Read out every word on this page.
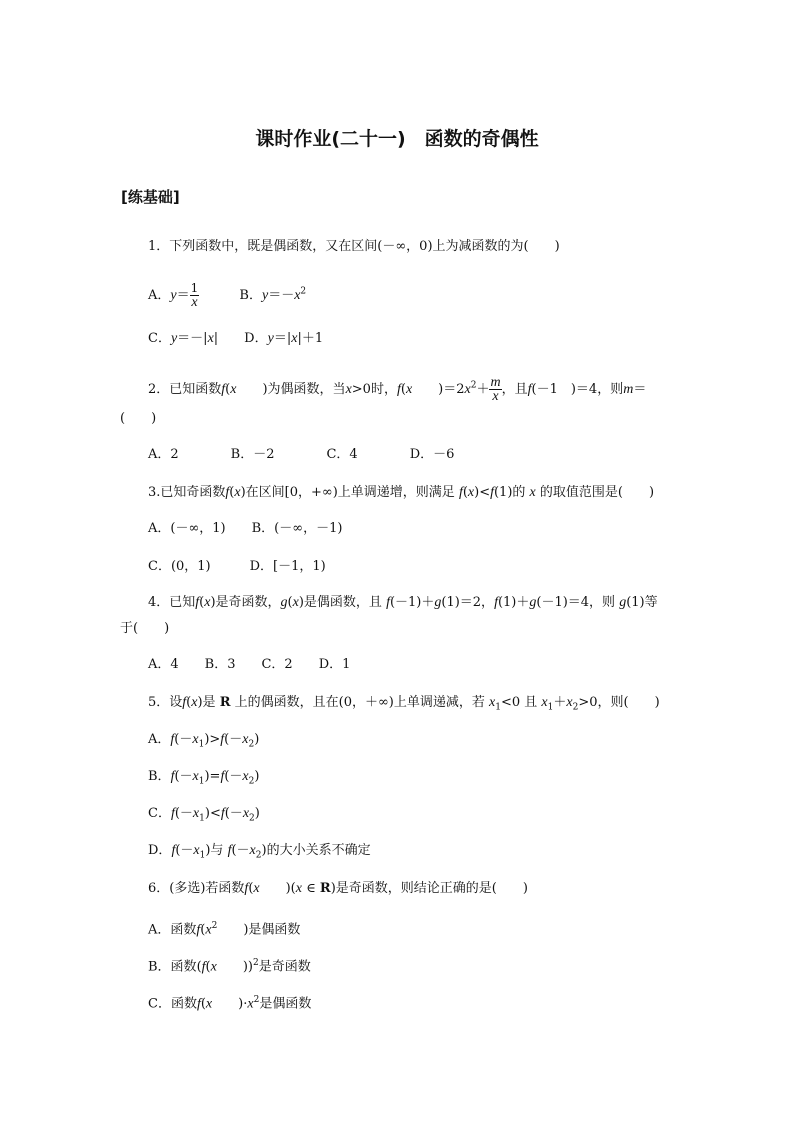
课时作业(二十一)　函数的奇偶性
[练基础]
1．下列函数中，既是偶函数，又在区间(－∞，0)上为减函数的为(　　)
A．$y= \frac{1}{x}$	B．$y=-x^2$
C．y＝－|x|　　D．y＝|x|＋1
2．已知函数f(x　　)为偶函数，当x>0时，f(x　　)$=2x^2+ \frac{m}{x}$ ，且f(－1　)＝4，则m＝
(　　)
A．2　　　　B．－2　　　　C．4　　　　D．－6
3.已知奇函数f(x)在区间[0，+∞)上单调递增，则满足 f(x)<f(1)的 x 的取值范围是(　　)
A．(－∞，1)　　B．(－∞，－1)
C．(0，1)　　　D．[－1，1)
4．已知f(x)是奇函数，g(x)是偶函数，且 f(－1)＋g(1)＝2，f(1)＋g(－1)＝4，则 g(1)等
于(　　)
A．4　　B．3　　C．2　　D．1
5．设f(x)是 R 上的偶函数，且在(0，＋∞)上单调递减，若 $x_1<0$ 且 $x_1+x_2>0$，则(　　)
A．$f(-x_1)>f(-x_2)$
B．$f(-x_1)=f(-x_2)$
C．$f(-x_1)<f(-x_2)$
D．$f(-x_1)$与 $f(-x_2)$的大小关系不确定
6．(多选)若函数f(x　　)(x ∈ R)是奇函数，则结论正确的是(　　)
A．函数$f(x^2$　　)是偶函数
B．函数(f(x　　))$^2$是奇函数
C．函数f(x　　)$\cdot x^2$是偶函数
